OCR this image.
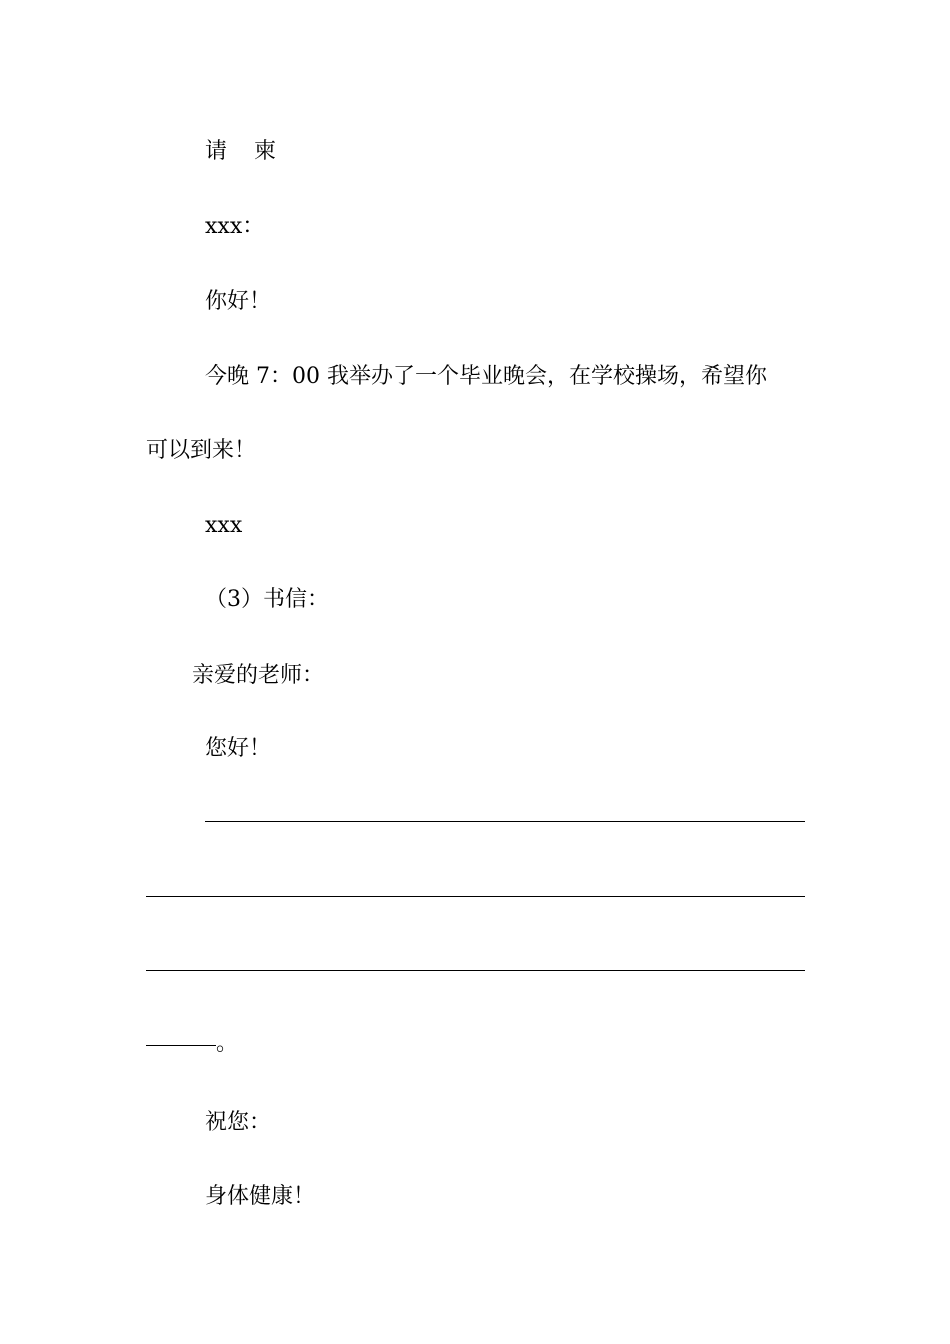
请 柬

xxx：

你好！

今晚 7：00 我举办了一个毕业晚会，在学校操场，希望你

可以到来！

xxx

（3）书信：

亲爱的老师：

您好！

。

祝您：

身体健康！
